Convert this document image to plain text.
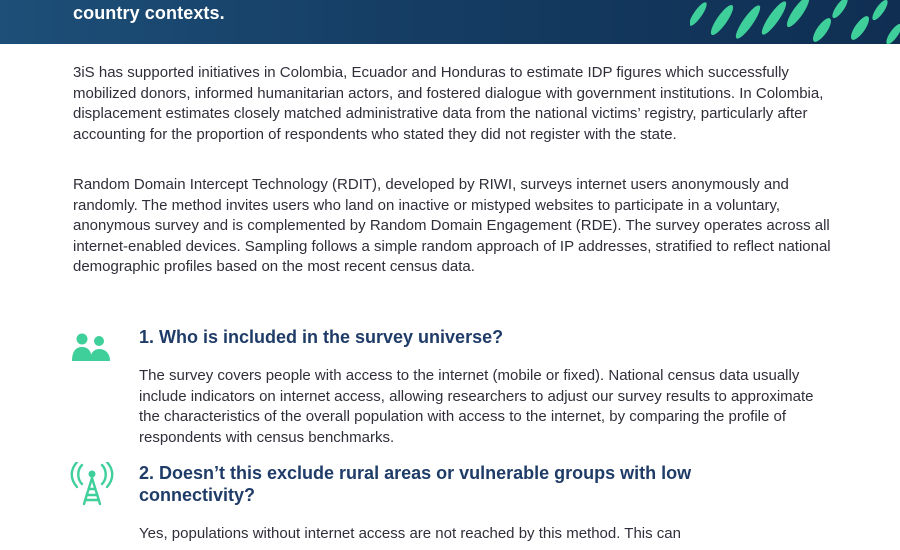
country contexts.

3iS has supported initiatives in Colombia, Ecuador and Honduras to estimate IDP figures which successfully mobilized donors, informed humanitarian actors, and fostered dialogue with government institutions. In Colombia, displacement estimates closely matched administrative data from the national victims’ registry, particularly after accounting for the proportion of respondents who stated they did not register with the state.

Random Domain Intercept Technology (RDIT), developed by RIWI, surveys internet users anonymously and randomly. The method invites users who land on inactive or mistyped websites to participate in a voluntary, anonymous survey and is complemented by Random Domain Engagement (RDE). The survey operates across all internet-enabled devices. Sampling follows a simple random approach of IP addresses, stratified to reflect national demographic profiles based on the most recent census data.

1. Who is included in the survey universe?

The survey covers people with access to the internet (mobile or fixed). National census data usually include indicators on internet access, allowing researchers to adjust our survey results to approximate the characteristics of the overall population with access to the internet, by comparing the profile of respondents with census benchmarks.

2. Doesn’t this exclude rural areas or vulnerable groups with low connectivity?

Yes, populations without internet access are not reached by this method. This can
